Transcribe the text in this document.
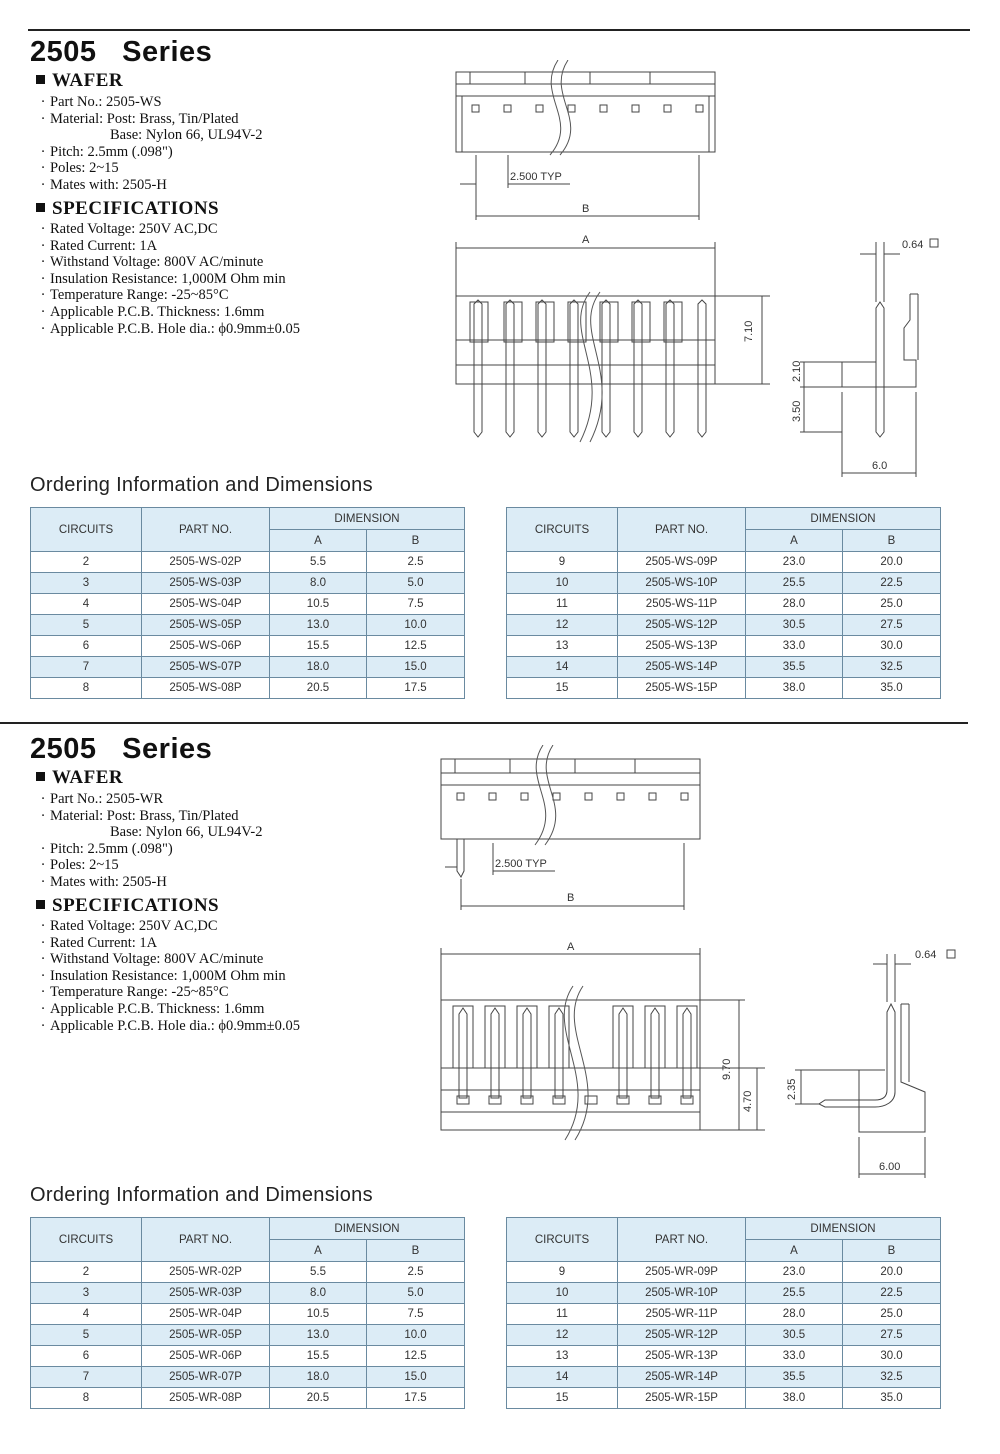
2505   Series
WAFER
· Part No.: 2505-WS
· Material: Post: Brass, Tin/Plated
Base: Nylon 66, UL94V-2
· Pitch: 2.5mm (.098")
· Poles: 2~15
· Mates with: 2505-H
SPECIFICATIONS
· Rated Voltage: 250V AC,DC
· Rated Current: 1A
· Withstand Voltage: 800V AC/minute
· Insulation Resistance: 1,000M Ohm min
· Temperature Range: -25~85°C
· Applicable P.C.B. Thickness: 1.6mm
· Applicable P.C.B. Hole dia.: ϕ0.9mm±0.05
2.500 TYP
B
A
7.10
0.64
2.10
3.50
6.0
Ordering Information and Dimensions
CIRCUITS	PART NO.	DIMENSION	
		A	B
2	2505-WS-02P	5.5	2.5
3	2505-WS-03P	8.0	5.0
4	2505-WS-04P	10.5	7.5
5	2505-WS-05P	13.0	10.0
6	2505-WS-06P	15.5	12.5
7	2505-WS-07P	18.0	15.0
8	2505-WS-08P	20.5	17.5
CIRCUITS	PART NO.	DIMENSION	
		A	B
9	2505-WS-09P	23.0	20.0
10	2505-WS-10P	25.5	22.5
11	2505-WS-11P	28.0	25.0
12	2505-WS-12P	30.5	27.5
13	2505-WS-13P	33.0	30.0
14	2505-WS-14P	35.5	32.5
15	2505-WS-15P	38.0	35.0
2505   Series
WAFER
· Part No.: 2505-WR
· Material: Post: Brass, Tin/Plated
Base: Nylon 66, UL94V-2
· Pitch: 2.5mm (.098")
· Poles: 2~15
· Mates with: 2505-H
SPECIFICATIONS
· Rated Voltage: 250V AC,DC
· Rated Current: 1A
· Withstand Voltage: 800V AC/minute
· Insulation Resistance: 1,000M Ohm min
· Temperature Range: -25~85°C
· Applicable P.C.B. Thickness: 1.6mm
· Applicable P.C.B. Hole dia.: ϕ0.9mm±0.05
2.500 TYP
B
A
9.70
4.70
0.64
2.35
6.00
Ordering Information and Dimensions
CIRCUITS	PART NO.	DIMENSION	
		A	B
2	2505-WR-02P	5.5	2.5
3	2505-WR-03P	8.0	5.0
4	2505-WR-04P	10.5	7.5
5	2505-WR-05P	13.0	10.0
6	2505-WR-06P	15.5	12.5
7	2505-WR-07P	18.0	15.0
8	2505-WR-08P	20.5	17.5
CIRCUITS	PART NO.	DIMENSION	
		A	B
9	2505-WR-09P	23.0	20.0
10	2505-WR-10P	25.5	22.5
11	2505-WR-11P	28.0	25.0
12	2505-WR-12P	30.5	27.5
13	2505-WR-13P	33.0	30.0
14	2505-WR-14P	35.5	32.5
15	2505-WR-15P	38.0	35.0
